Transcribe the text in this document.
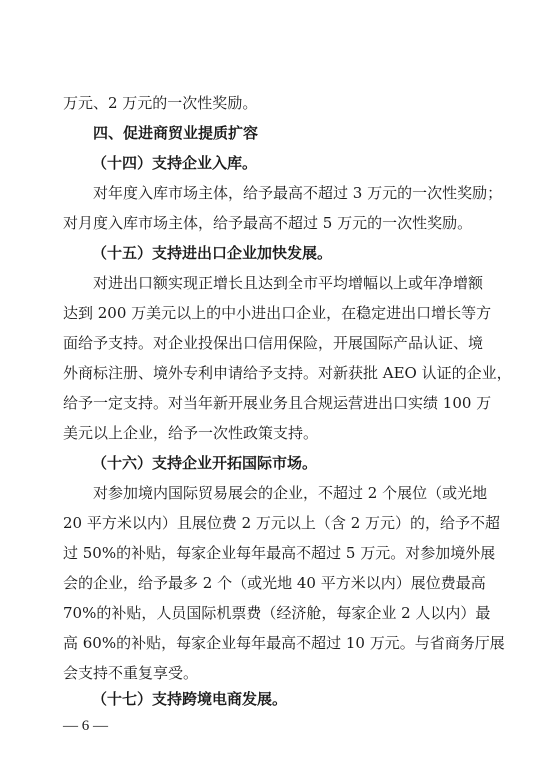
万元、2 万元的一次性奖励。
四、促进商贸业提质扩容
（十四）支持企业入库。
对年度入库市场主体，给予最高不超过 3 万元的一次性奖励；
对月度入库市场主体，给予最高不超过 5 万元的一次性奖励。
（十五）支持进出口企业加快发展。
对进出口额实现正增长且达到全市平均增幅以上或年净增额
达到 200 万美元以上的中小进出口企业，在稳定进出口增长等方
面给予支持。对企业投保出口信用保险，开展国际产品认证、境
外商标注册、境外专利申请给予支持。对新获批 AEO 认证的企业，
给予一定支持。对当年新开展业务且合规运营进出口实绩 100 万
美元以上企业，给予一次性政策支持。
（十六）支持企业开拓国际市场。
对参加境内国际贸易展会的企业，不超过 2 个展位（或光地
20 平方米以内）且展位费 2 万元以上（含 2 万元）的，给予不超
过 50%的补贴，每家企业每年最高不超过 5 万元。对参加境外展
会的企业，给予最多 2 个（或光地 40 平方米以内）展位费最高
70%的补贴，人员国际机票费（经济舱，每家企业 2 人以内）最
高 60%的补贴，每家企业每年最高不超过 10 万元。与省商务厅展
会支持不重复享受。
（十七）支持跨境电商发展。
— 6 —
